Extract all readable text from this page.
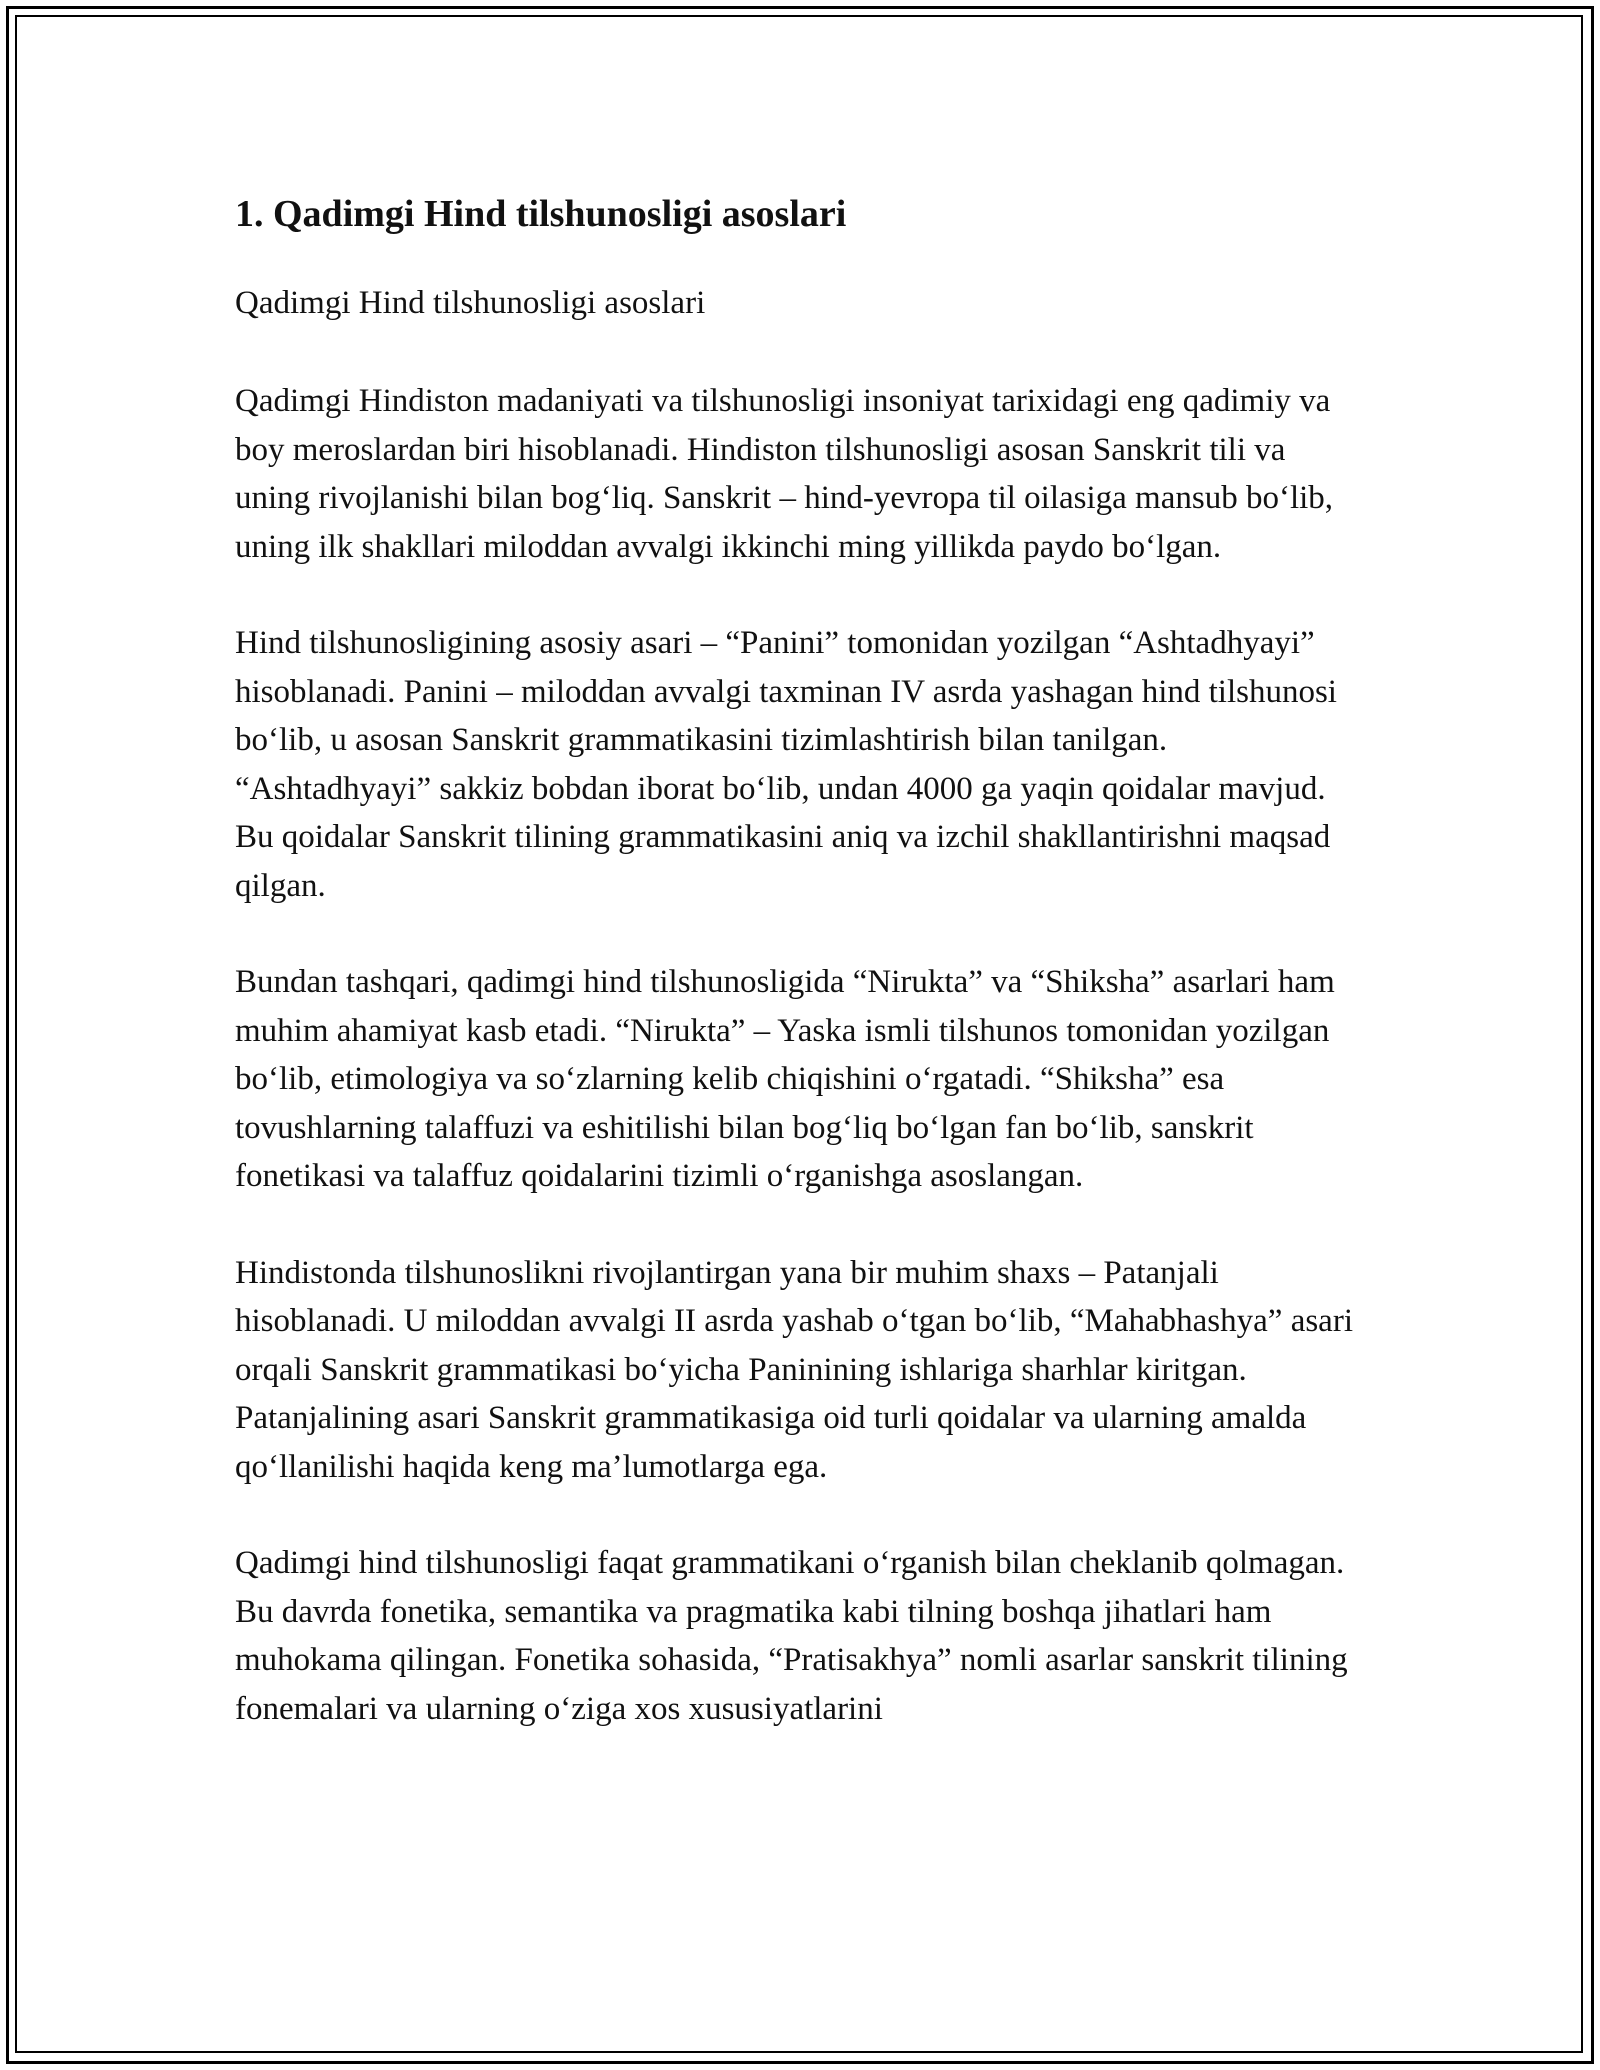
1. Qadimgi Hind tilshunosligi asoslari

Qadimgi Hind tilshunosligi asoslari

Qadimgi Hindiston madaniyati va tilshunosligi insoniyat tarixidagi eng qadimiy va boy meroslardan biri hisoblanadi. Hindiston tilshunosligi asosan Sanskrit tili va uning rivojlanishi bilan bog‘liq. Sanskrit – hind-yevropa til oilasiga mansub bo‘lib, uning ilk shakllari miloddan avvalgi ikkinchi ming yillikda paydo bo‘lgan.

Hind tilshunosligining asosiy asari – “Panini” tomonidan yozilgan “Ashtadhyayi” hisoblanadi. Panini – miloddan avvalgi taxminan IV asrda yashagan hind tilshunosi bo‘lib, u asosan Sanskrit grammatikasini tizimlashtirish bilan tanilgan. “Ashtadhyayi” sakkiz bobdan iborat bo‘lib, undan 4000 ga yaqin qoidalar mavjud. Bu qoidalar Sanskrit tilining grammatikasini aniq va izchil shakllantirishni maqsad qilgan.

Bundan tashqari, qadimgi hind tilshunosligida “Nirukta” va “Shiksha” asarlari ham muhim ahamiyat kasb etadi. “Nirukta” – Yaska ismli tilshunos tomonidan yozilgan bo‘lib, etimologiya va so‘zlarning kelib chiqishini o‘rgatadi. “Shiksha” esa tovushlarning talaffuzi va eshitilishi bilan bog‘liq bo‘lgan fan bo‘lib, sanskrit fonetikasi va talaffuz qoidalarini tizimli o‘rganishga asoslangan.

Hindistonda tilshunoslikni rivojlantirgan yana bir muhim shaxs – Patanjali hisoblanadi. U miloddan avvalgi II asrda yashab o‘tgan bo‘lib, “Mahabhashya” asari orqali Sanskrit grammatikasi bo‘yicha Paninining ishlariga sharhlar kiritgan. Patanjalining asari Sanskrit grammatikasiga oid turli qoidalar va ularning amalda qo‘llanilishi haqida keng ma’lumotlarga ega.

Qadimgi hind tilshunosligi faqat grammatikani o‘rganish bilan cheklanib qolmagan. Bu davrda fonetika, semantika va pragmatika kabi tilning boshqa jihatlari ham muhokama qilingan. Fonetika sohasida, “Pratisakhya” nomli asarlar sanskrit tilining fonemalari va ularning o‘ziga xos xususiyatlarini
